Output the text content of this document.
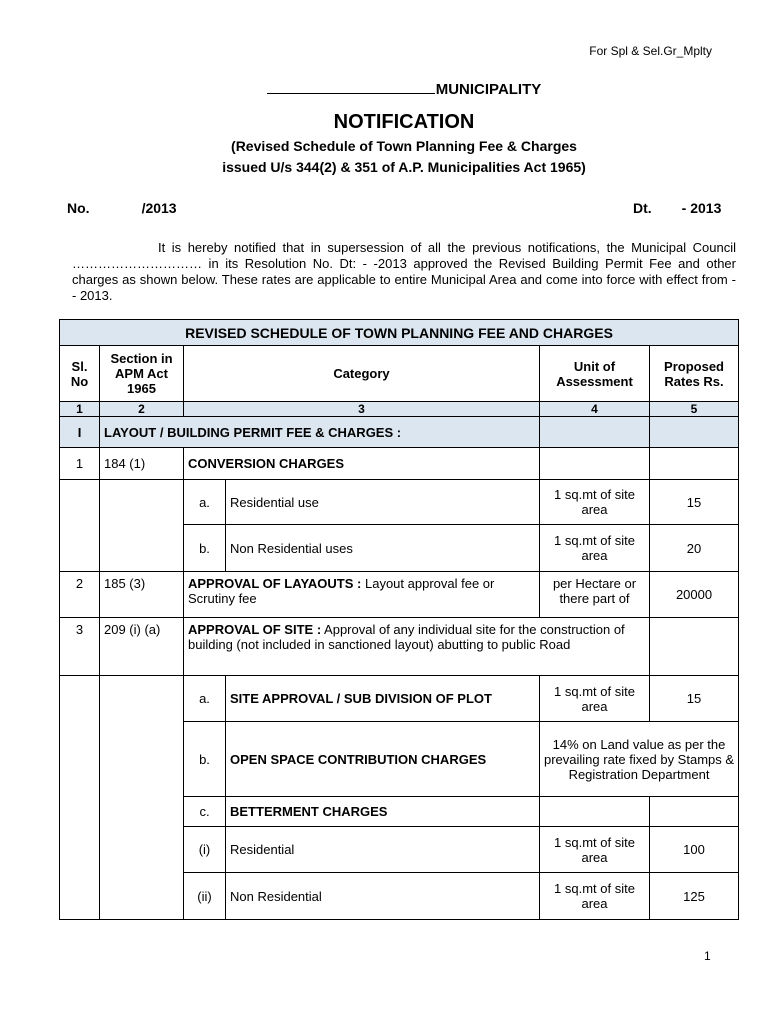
For Spl & Sel.Gr_Mplty
MUNICIPALITY
NOTIFICATION
(Revised Schedule of Town Planning Fee & Charges
issued U/s 344(2) & 351 of A.P. Municipalities Act 1965)
No.	/2013	Dt. - 2013
It is hereby notified that in supersession of all the previous notifications, the Municipal Council ………………………… in its Resolution No. Dt: - -2013 approved the Revised Building Permit Fee and other charges as shown below. These rates are applicable to entire Municipal Area and come into force with effect from - - 2013.
REVISED SCHEDULE OF TOWN PLANNING FEE AND CHARGES					
Sl. No	Section in APM Act 1965	Category		Unit of Assessment	Proposed Rates Rs.
1	2	3		4	5
I	LAYOUT / BUILDING PERMIT FEE & CHARGES :				
1	184 (1)	CONVERSION CHARGES			
		a.	Residential use	1 sq.mt of site area	15
		b.	Non Residential uses	1 sq.mt of site area	20
2	185 (3)	APPROVAL OF LAYAOUTS : Layout approval fee or Scrutiny fee		per Hectare or there part of	20000
3	209 (i) (a)	APPROVAL OF SITE : Approval of any individual site for the construction of building (not included in sanctioned layout) abutting to public Road			
		a.	SITE APPROVAL / SUB DIVISION OF PLOT	1 sq.mt of site area	15
		b.	OPEN SPACE CONTRIBUTION CHARGES	14% on Land value as per the prevailing rate fixed by Stamps & Registration Department	
		c.	BETTERMENT CHARGES		
		(i)	Residential	1 sq.mt of site area	100
		(ii)	Non Residential	1 sq.mt of site area	125
1
